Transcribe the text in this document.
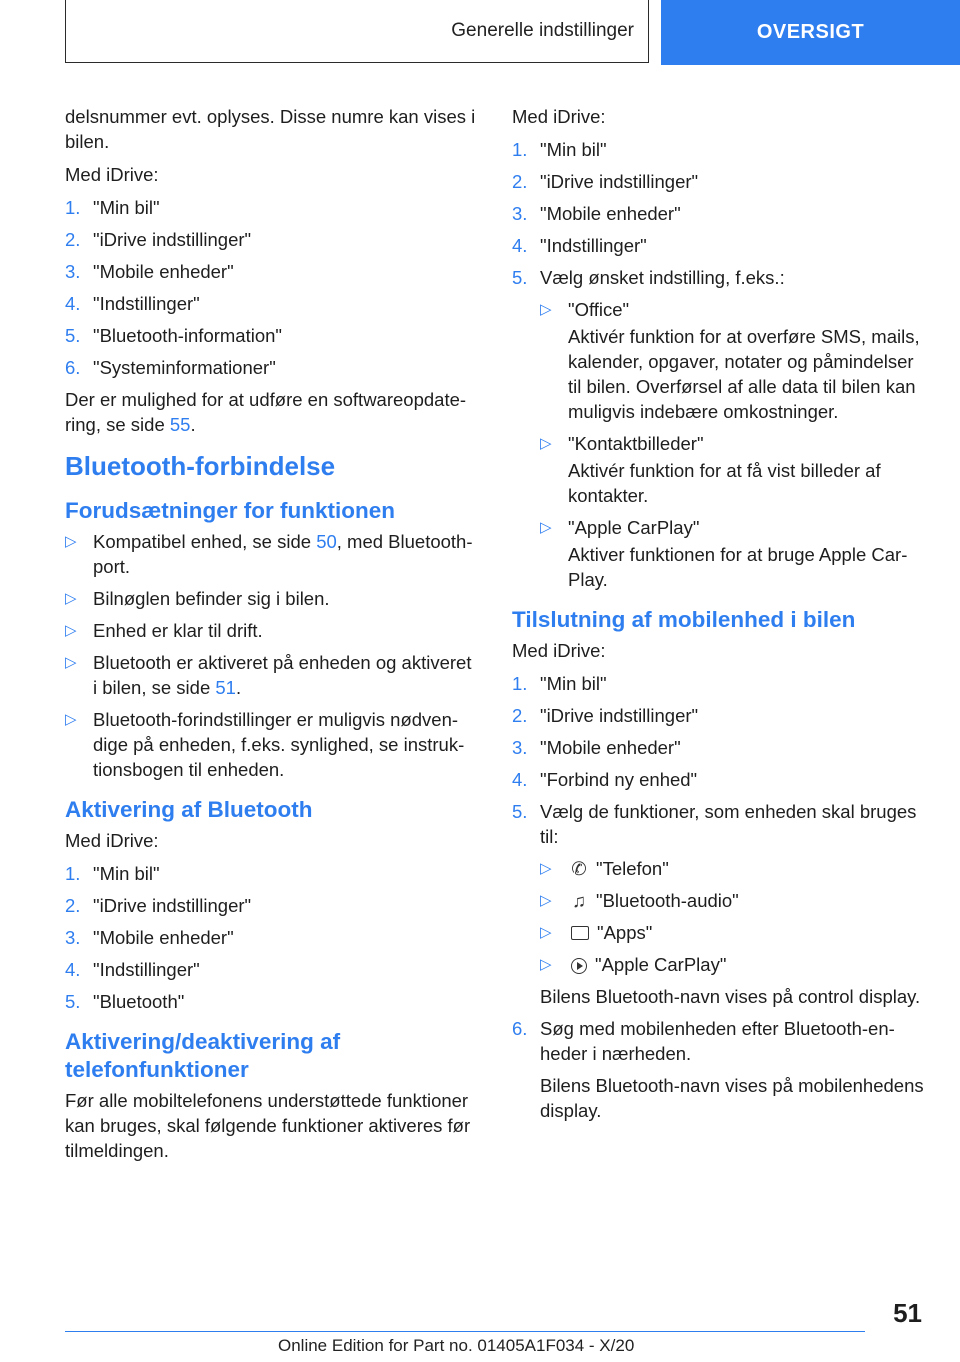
Generelle indstillinger	OVERSIGT

delsnummer evt. oplyses. Disse numre kan vises i bilen.

Med iDrive:

1. "Min bil"
2. "iDrive indstillinger"
3. "Mobile enheder"
4. "Indstillinger"
5. "Bluetooth-information"
6. "Systeminformationer"

Der er mulighed for at udføre en softwareopdatering, se side 55.

Bluetooth-forbindelse
Forudsætninger for funktionen
▷ Kompatibel enhed, se side 50, med Bluetooth-port.
▷ Bilnøglen befinder sig i bilen.
▷ Enhed er klar til drift.
▷ Bluetooth er aktiveret på enheden og aktiveret i bilen, se side 51.
▷ Bluetooth-forindstillinger er muligvis nødvendige på enheden, f.eks. synlighed, se instruktionsbogen til enheden.
Aktivering af Bluetooth

Med iDrive:

1. "Min bil"
2. "iDrive indstillinger"
3. "Mobile enheder"
4. "Indstillinger"
5. "Bluetooth"
Aktivering/deaktivering af telefonfunktioner

Før alle mobiltelefonens understøttede funktioner kan bruges, skal følgende funktioner aktiveres før tilmeldingen.

Med iDrive:

1. "Min bil"
2. "iDrive indstillinger"
3. "Mobile enheder"
4. "Indstillinger"
5. Vælg ønsket indstilling, f.eks.:
▷ "Office"
Aktivér funktion for at overføre SMS, mails, kalender, opgaver, notater og påmindelser til bilen. Overførsel af alle data til bilen kan muligvis indebære omkostninger.
▷ "Kontaktbilleder"
Aktivér funktion for at få vist billeder af kontakter.
▷ "Apple CarPlay"
Aktiver funktionen for at bruge Apple CarPlay.
Tilslutning af mobilenhed i bilen

Med iDrive:

1. "Min bil"
2. "iDrive indstillinger"
3. "Mobile enheder"
4. "Forbind ny enhed"
5. Vælg de funktioner, som enheden skal bruges til:
▷ ✆ "Telefon"
▷ ♫ "Bluetooth-audio"
▷ "Apps"
▷ "Apple CarPlay"
Bilens Bluetooth-navn vises på control display.
6. Søg med mobilenheden efter Bluetooth-enheder i nærheden.
Bilens Bluetooth-navn vises på mobilenhedens display.
51
Online Edition for Part no. 01405A1F034 - X/20
